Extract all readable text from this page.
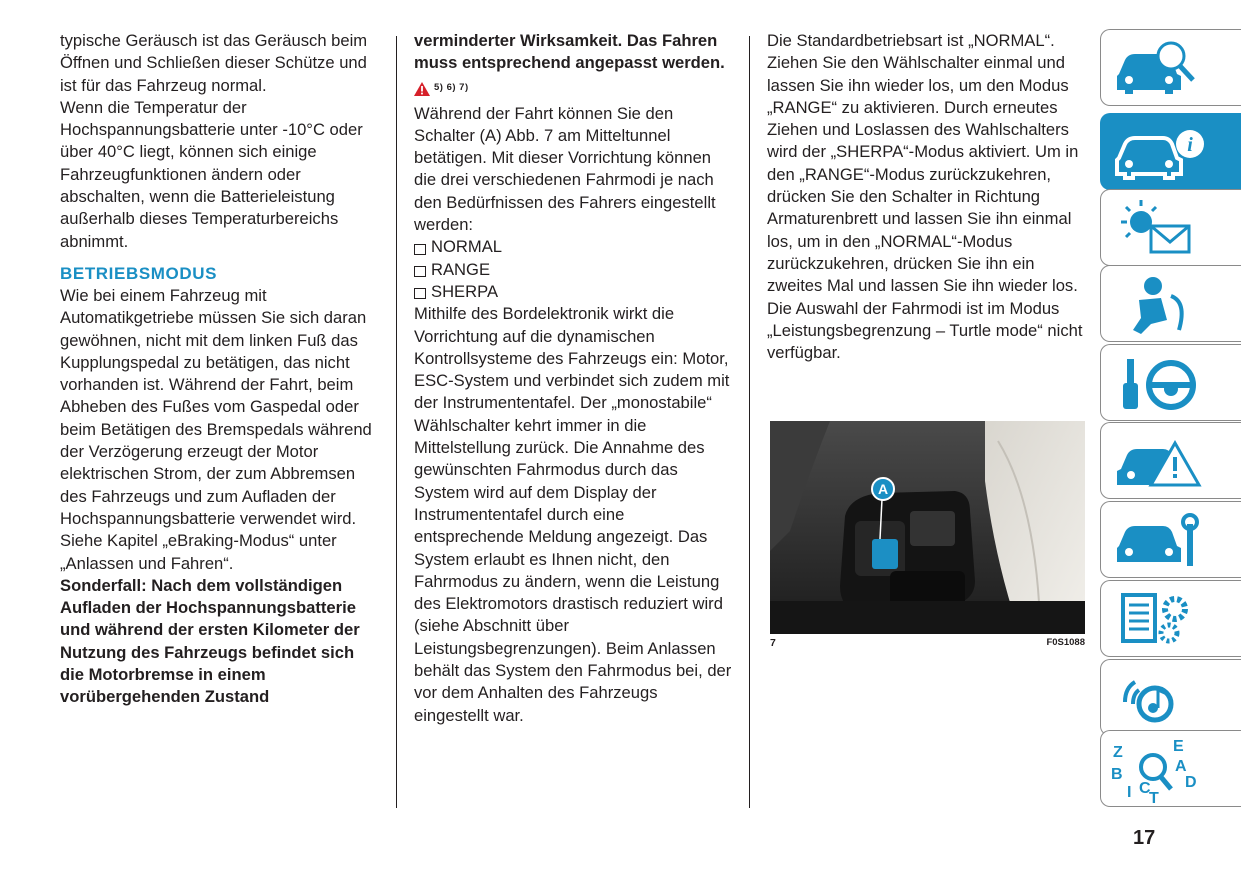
typische Geräusch ist das Geräusch beim Öffnen und Schließen dieser Schütze und ist für das Fahrzeug normal.

Wenn die Temperatur der Hochspannungsbatterie unter -10°C oder über 40°C liegt, können sich einige Fahrzeugfunktionen ändern oder abschalten, wenn die Batterieleistung außerhalb dieses Temperaturbereichs abnimmt.

BETRIEBSMODUS

Wie bei einem Fahrzeug mit Automatikgetriebe müssen Sie sich daran gewöhnen, nicht mit dem linken Fuß das Kupplungspedal zu betätigen, das nicht vorhanden ist. Während der Fahrt, beim Abheben des Fußes vom Gaspedal oder beim Betätigen des Bremspedals während der Verzögerung erzeugt der Motor elektrischen Strom, der zum Abbremsen des Fahrzeugs und zum Aufladen der Hochspannungsbatterie verwendet wird. Siehe Kapitel „eBraking-Modus“ unter „Anlassen und Fahren“.

Sonderfall: Nach dem vollständigen Aufladen der Hochspannungsbatterie und während der ersten Kilometer der Nutzung des Fahrzeugs befindet sich die Motorbremse in einem vorübergehenden Zustand

verminderter Wirksamkeit. Das Fahren muss entsprechend angepasst werden.

5) 6) 7)

Während der Fahrt können Sie den Schalter (A) Abb. 7 am Mitteltunnel betätigen. Mit dieser Vorrichtung können die drei verschiedenen Fahrmodi je nach den Bedürfnissen des Fahrers eingestellt werden:

NORMAL
RANGE
SHERPA

Mithilfe des Bordelektronik wirkt die Vorrichtung auf die dynamischen Kontrollsysteme des Fahrzeugs ein: Motor, ESC-System und verbindet sich zudem mit der Instrumententafel. Der „monostabile“ Wählschalter kehrt immer in die Mittelstellung zurück. Die Annahme des gewünschten Fahrmodus durch das System wird auf dem Display der Instrumententafel durch eine entsprechende Meldung angezeigt. Das System erlaubt es Ihnen nicht, den Fahrmodus zu ändern, wenn die Leistung des Elektromotors drastisch reduziert wird (siehe Abschnitt über Leistungsbegrenzungen). Beim Anlassen behält das System den Fahrmodus bei, der vor dem Anhalten des Fahrzeugs eingestellt war.

Die Standardbetriebsart ist „NORMAL“. Ziehen Sie den Wählschalter einmal und lassen Sie ihn wieder los, um den Modus „RANGE“ zu aktivieren. Durch erneutes Ziehen und Loslassen des Wahlschalters wird der „SHERPA“-Modus aktiviert. Um in den „RANGE“-Modus zurückzukehren, drücken Sie den Schalter in Richtung Armaturenbrett und lassen Sie ihn einmal los, um in den „NORMAL“-Modus zurückzukehren, drücken Sie ihn ein zweites Mal und lassen Sie ihn wieder los.

Die Auswahl der Fahrmodi ist im Modus „Leistungsbegrenzung – Turtle mode“ nicht verfügbar.

A
7	F0S1088
i
Z
B
I C
T
E
A
D
17
